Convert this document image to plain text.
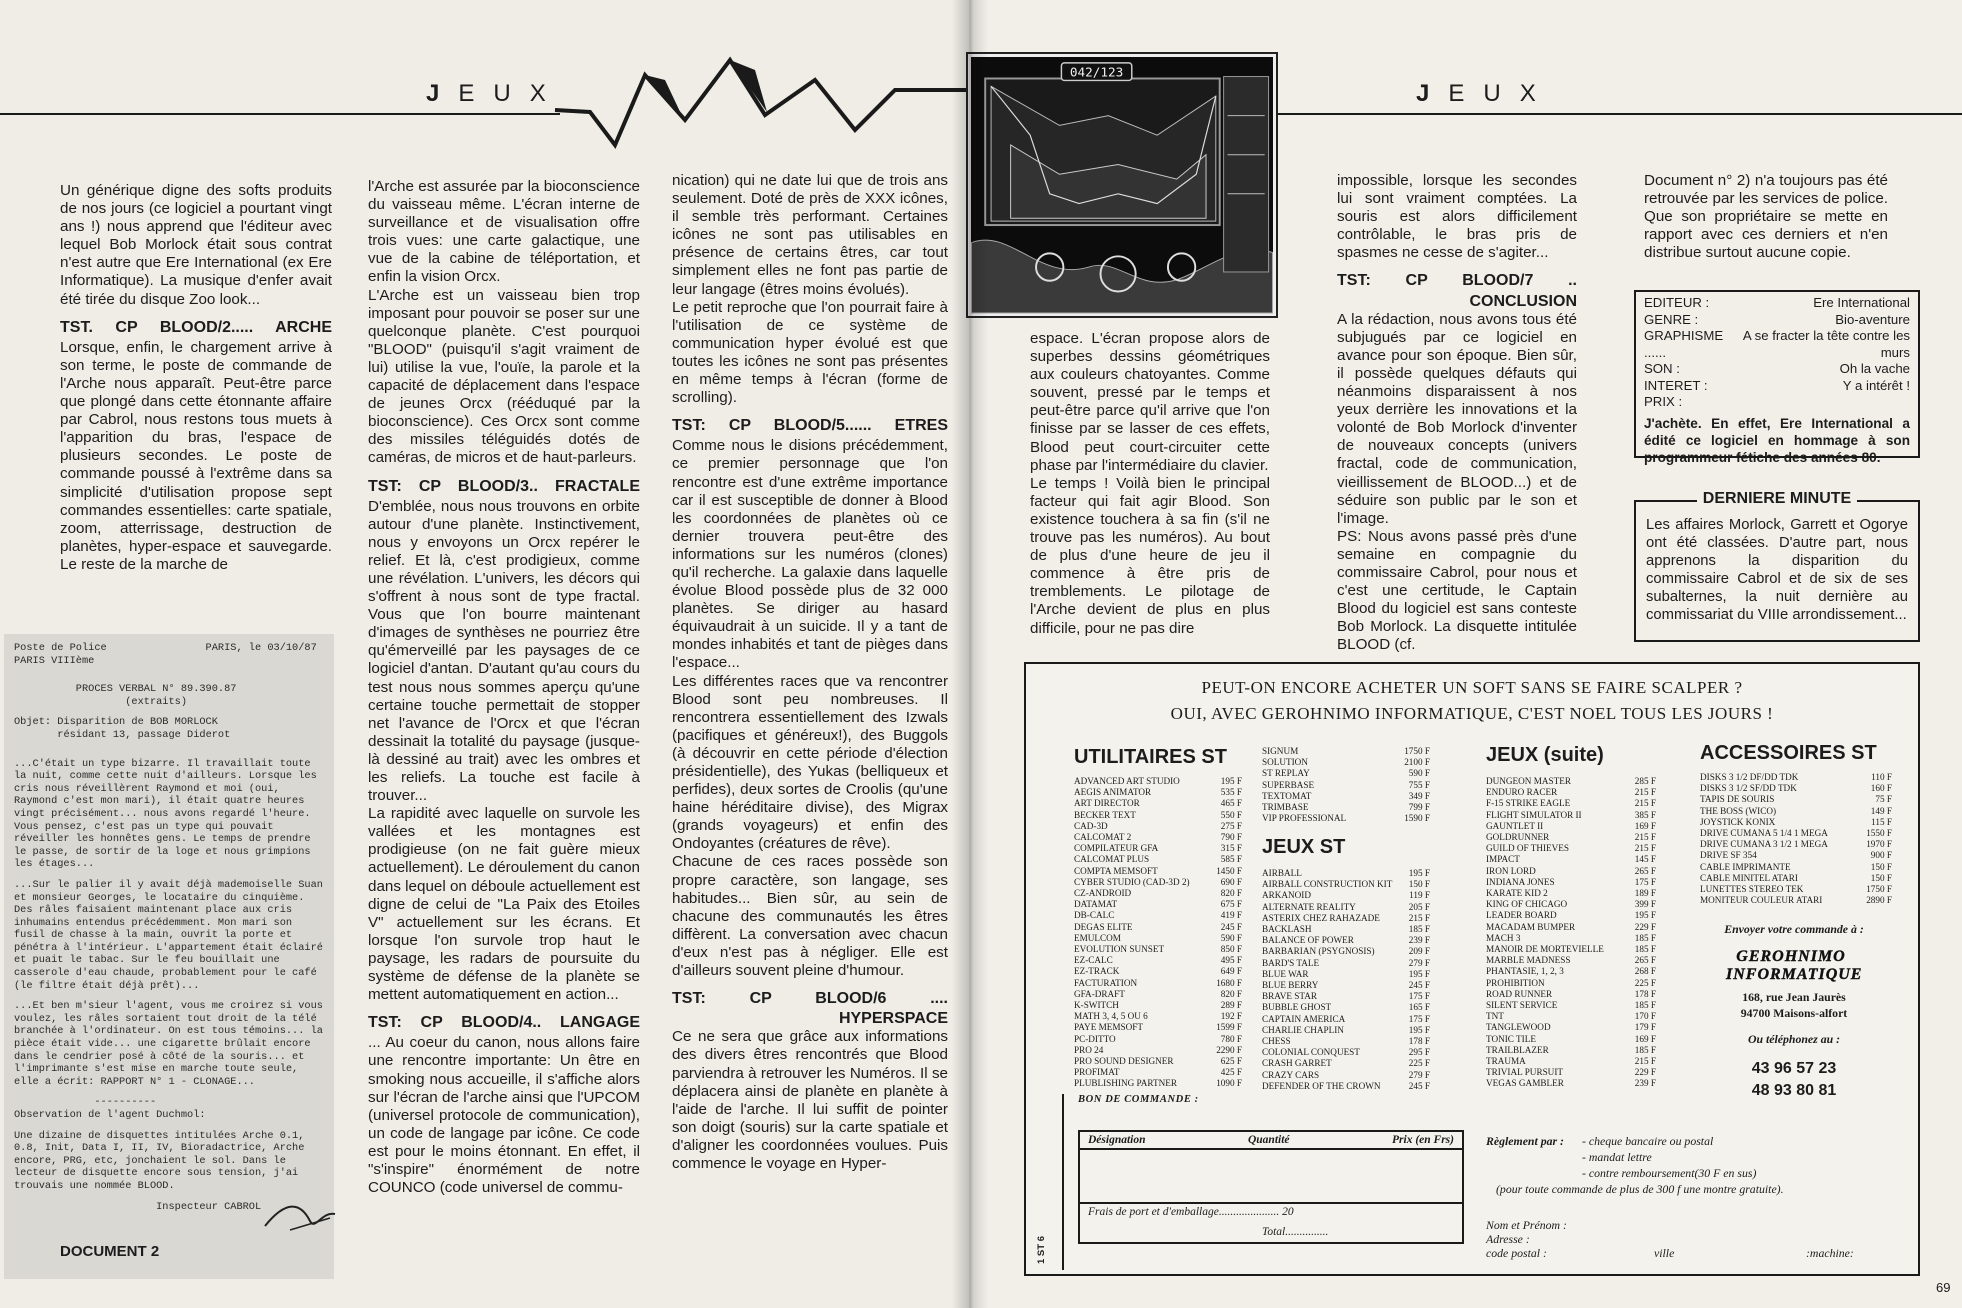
JEUX

Un générique digne des softs produits de nos jours (ce logiciel a pourtant vingt ans !) nous apprend que l'éditeur avec lequel Bob Morlock était sous contrat n'est autre que Ere International (ex Ere Informatique). La musique d'enfer avait été tirée du disque Zoo look...

TST. CP BLOOD/2..... ARCHE

Lorsque, enfin, le chargement arrive à son terme, le poste de commande de l'Arche nous apparaît. Peut-être parce que plongé dans cette étonnante affaire par Cabrol, nous restons tous muets à l'apparition du bras, l'espace de plusieurs secondes. Le poste de commande poussé à l'extrême dans sa simplicité d'utilisation propose sept commandes essentielles: carte spatiale, zoom, atterrissage, destruction de planètes, hyper-espace et sauvegarde. Le reste de la marche de

l'Arche est assurée par la bioconscience du vaisseau même. L'écran interne de surveillance et de visualisation offre trois vues: une carte galactique, une vue de la cabine de téléportation, et enfin la vision Orcx.

L'Arche est un vaisseau bien trop imposant pour pouvoir se poser sur une quelconque planète. C'est pourquoi "BLOOD" (puisqu'il s'agit vraiment de lui) utilise la vue, l'ouïe, la parole et la capacité de déplacement dans l'espace de jeunes Orcx (rééduqué par la bioconscience). Ces Orcx sont comme des missiles téléguidés dotés de caméras, de micros et de haut-parleurs.

TST: CP BLOOD/3.. FRACTALE

D'emblée, nous nous trouvons en orbite autour d'une planète. Instinctivement, nous y envoyons un Orcx repérer le relief. Et là, c'est prodigieux, comme une révélation. L'univers, les décors qui s'offrent à nous sont de type fractal. Vous que l'on bourre maintenant d'images de synthèses ne pourriez être qu'émerveillé par les paysages de ce logiciel d'antan. D'autant qu'au cours du test nous nous sommes aperçu qu'une certaine touche permettait de stopper net l'avance de l'Orcx et que l'écran dessinait la totalité du paysage (jusque-là dessiné au trait) avec les ombres et les reliefs. La touche est facile à trouver...

La rapidité avec laquelle on survole les vallées et les montagnes est prodigieuse (on ne fait guère mieux actuellement). Le déroulement du canon dans lequel on déboule actuellement est digne de celui de "La Paix des Etoiles V" actuellement sur les écrans. Et lorsque l'on survole trop haut le paysage, les radars de poursuite du système de défense de la planète se mettent automatiquement en action...

TST: CP BLOOD/4.. LANGAGE

... Au coeur du canon, nous allons faire une rencontre importante: Un être en smoking nous accueille, il s'affiche alors sur l'écran de l'arche ainsi que l'UPCOM (universel protocole de communication), un code de langage par icône. Ce code est pour le moins étonnant. En effet, il "s'inspire" énormément de notre COUNCO (code universel de commu-

nication) qui ne date lui que de trois ans seulement. Doté de près de XXX icônes, il semble très performant. Certaines icônes ne sont pas utilisables en présence de certains êtres, car tout simplement elles ne font pas partie de leur langage (êtres moins évolués).

Le petit reproche que l'on pourrait faire à l'utilisation de ce système de communication hyper évolué est que toutes les icônes ne sont pas présentes en même temps à l'écran (forme de scrolling).

TST: CP BLOOD/5...... ETRES

Comme nous le disions précédemment, ce premier personnage que l'on rencontre est d'une extrême importance car il est susceptible de donner à Blood les coordonnées de planètes où ce dernier trouvera peut-être des informations sur les numéros (clones) qu'il recherche. La galaxie dans laquelle évolue Blood possède plus de 32 000 planètes. Se diriger au hasard équivaudrait à un suicide. Il y a tant de mondes inhabités et tant de pièges dans l'espace...

Les différentes races que va rencontrer Blood sont peu nombreuses. Il rencontrera essentiellement des Izwals (pacifiques et généreux!), des Buggols (à découvrir en cette période d'élection présidentielle), des Yukas (belliqueux et perfides), deux sortes de Croolis (qu'une haine héréditaire divise), des Migrax (grands voyageurs) et enfin des Ondoyantes (créatures de rêve).

Chacune de ces races possède son propre caractère, son langage, ses habitudes... Bien sûr, au sein de chacune des communautés les êtres diffèrent. La conversation avec chacun d'eux n'est pas à négliger. Elle est d'ailleurs souvent pleine d'humour.

TST: CP BLOOD/6 ....

HYPERSPACE

Ce ne sera que grâce aux informations des divers êtres rencontrés que Blood parviendra à retrouver les Numéros. Il se déplacera ainsi de planète en planète à l'aide de l'arche. Il lui suffit de pointer son doigt (souris) sur la carte spatiale et d'aligner les coordonnées voulues. Puis commence le voyage en Hyper-

Poste de Police                PARIS, le 03/10/87
PARIS VIIIème
PROCES VERBAL N° 89.390.87
(extraits)
Objet: Disparition de BOB MORLOCK
résidant 13, passage Diderot
...C'était un type bizarre. Il travaillait toute la nuit, comme cette nuit d'ailleurs. Lorsque les cris nous réveillèrent Raymond et moi (oui, Raymond c'est mon mari), il était quatre heures vingt précisément... nous avons regardé l'heure. Vous pensez, c'est pas un type qui pouvait réveiller les honnêtes gens. Le temps de prendre le passe, de sortir de la loge et nous grimpions les étages...
...Sur le palier il y avait déjà mademoiselle Suan et monsieur Georges, le locataire du cinquième. Des râles faisaient maintenant place aux cris inhumains entendus précédemment. Mon mari son fusil de chasse à la main, ouvrit la porte et pénétra à l'intérieur. L'appartement était éclairé et puait le tabac. Sur le feu bouillait une casserole d'eau chaude, probablement pour le café (le filtre était déjà prêt)...
...Et ben m'sieur l'agent, vous me croirez si vous voulez, les râles sortaient tout droit de la télé branchée à l'ordinateur. On est tous témoins... la pièce était vide... une cigarette brûlait encore dans le cendrier posé à côté de la souris... et l'imprimante s'est mise en marche toute seule, elle a écrit: RAPPORT N° 1 - CLONAGE...
----------
Observation de l'agent Duchmol:
Une dizaine de disquettes intitulées Arche 0.1, 0.8, Init, Data I, II, IV, Bioradactrice, Arche encore, PRG, etc, jonchaient le sol. Dans le lecteur de disquette encore sous tension, j'ai trouvais une nommée BLOOD.
Inspecteur CABROL
DOCUMENT 2
JEUX

espace. L'écran propose alors de superbes dessins géométriques aux couleurs chatoyantes. Comme souvent, pressé par le temps et peut-être parce qu'il arrive que l'on finisse par se lasser de ces effets, Blood peut court-circuiter cette phase par l'intermédiaire du clavier.

Le temps ! Voilà bien le principal facteur qui fait agir Blood. Son existence touchera à sa fin (s'il ne trouve pas les numéros). Au bout de plus d'une heure de jeu il commence à être pris de tremblements. Le pilotage de l'Arche devient de plus en plus difficile, pour ne pas dire

impossible, lorsque les secondes lui sont vraiment comptées. La souris est alors difficilement contrôlable, le bras pris de spasmes ne cesse de s'agiter...

TST: CP BLOOD/7 ..

CONCLUSION

A la rédaction, nous avons tous été subjugués par ce logiciel en avance pour son époque. Bien sûr, il possède quelques défauts qui néanmoins disparaissent à nos yeux derrière les innovations et la volonté de Bob Morlock d'inventer de nouveaux concepts (univers fractal, code de communication, vieillissement de BLOOD...) et de séduire son public par le son et l'image.

PS: Nous avons passé près d'une semaine en compagnie du commissaire Cabrol, pour nous et c'est une certitude, le Captain Blood du logiciel est sans conteste Bob Morlock. La disquette intitulée BLOOD (cf.

Document n° 2) n'a toujours pas été retrouvée par les services de police. Que son propriétaire se mette en rapport avec ces derniers et n'en distribue surtout aucune copie.

EDITEUR :	Ere International
GENRE :	Bio-aventure
GRAPHISME ......
A se fracter la tête contre les murs
SON :	Oh la vache
INTERET :	Y a intérêt !
PRIX :
J'achète. En effet, Ere International a édité ce logiciel en hommage à son programmeur fétiche des années 80.
DERNIERE MINUTE
Les affaires Morlock, Garrett et Ogorye ont été classées. D'autre part, nous apprenons la disparition du commissaire Cabrol et de six de ses subalternes, la nuit dernière au commissariat du VIIIe arrondissement...
PEUT-ON ENCORE ACHETER UN SOFT SANS SE FAIRE SCALPER ?
OUI, AVEC GEROHNIMO INFORMATIQUE, C'EST NOEL TOUS LES JOURS !
UTILITAIRES ST
JEUX ST
JEUX (suite)	ACCESSOIRES ST
ADVANCED ART STUDIO	195 F
AEGIS ANIMATOR	535 F
ART DIRECTOR	465 F
BECKER TEXT	550 F
CAD-3D	275 F
CALCOMAT 2	790 F
COMPILATEUR GFA	315 F
CALCOMAT PLUS	585 F
COMPTA MEMSOFT	1450 F
CYBER STUDIO (CAD-3D 2)	690 F
CZ-ANDROID	820 F
DATAMAT	675 F
DB-CALC	419 F
DEGAS ELITE	245 F
EMULCOM	590 F
EVOLUTION SUNSET	850 F
EZ-CALC	495 F
EZ-TRACK	649 F
FACTURATION	1680 F
GFA-DRAFT	820 F
K-SWITCH	289 F
MATH 3, 4, 5 OU 6	192 F
PAYE MEMSOFT	1599 F
PC-DITTO	780 F
PRO 24	2290 F
PRO SOUND DESIGNER	625 F
PROFIMAT	425 F
PLUBLISHING PARTNER	1090 F
SIGNUM	1750 F
SOLUTION	2100 F
ST REPLAY	590 F
SUPERBASE	755 F
TEXTOMAT	349 F
TRIMBASE	799 F
VIP PROFESSIONAL	1590 F
AIRBALL	195 F
AIRBALL CONSTRUCTION KIT 150 F
ARKANOID	119 F
ALTERNATE REALITY	205 F
ASTERIX CHEZ RAHAZADE	215 F
BACKLASH	185 F
BALANCE OF POWER	239 F
BARBARIAN (PSYGNOSIS)	209 F
BARD'S TALE	279 F
BLUE WAR	195 F
BLUE BERRY	245 F
BRAVE STAR	175 F
BUBBLE GHOST	165 F
CAPTAIN AMERICA	175 F
CHARLIE CHAPLIN	195 F
CHESS	178 F
COLONIAL CONQUEST	295 F
CRASH GARRET	225 F
CRAZY CARS	279 F
DEFENDER OF THE CROWN	245 F
DUNGEON MASTER	285 F
ENDURO RACER	215 F
F-15 STRIKE EAGLE	215 F
FLIGHT SIMULATOR II	385 F
GAUNTLET II	169 F
GOLDRUNNER	215 F
GUILD OF THIEVES	215 F
IMPACT	145 F
IRON LORD	265 F
INDIANA JONES	175 F
KARATE KID 2	189 F
KING OF CHICAGO	399 F
LEADER BOARD	195 F
MACADAM BUMPER	229 F
MACH 3	185 F
MANOIR DE MORTEVIELLE	185 F
MARBLE MADNESS	265 F
PHANTASIE, 1, 2, 3	268 F
PROHIBITION	225 F
ROAD RUNNER	178 F
SILENT SERVICE	185 F
TNT	170 F
TANGLEWOOD	179 F
TONIC TILE	169 F
TRAILBLAZER	185 F
TRAUMA	215 F
TRIVIAL PURSUIT	229 F
VEGAS GAMBLER	239 F
DISKS 3 1/2 DF/DD TDK	110 F
DISKS 3 1/2 SF/DD TDK	160 F
TAPIS DE SOURIS	75 F
THE BOSS (WICO)	149 F
JOYSTICK KONIX	115 F
DRIVE CUMANA 5 1/4 1 MEGA	1550 F
DRIVE CUMANA 3 1/2 1 MEGA	1970 F
DRIVE SF 354	900 F
CABLE IMPRIMANTE	150 F
CABLE MINITEL ATARI	150 F
LUNETTES STEREO TEK	1750 F
MONITEUR COULEUR ATARI	2890 F
Envoyer votre commande à :
GEROHNIMO
INFORMATIQUE
168, rue Jean Jaurès
94700 Maisons-alfort
Ou téléphonez au :
43 96 57 23
48 93 80 81
BON DE COMMANDE :
Désignation	Quantité	Prix (en Frs)
Frais de port et d'emballage..................... 20
Total...............
Règlement par : - cheque bancaire ou postal
- mandat lettre
- contre remboursement(30 F en sus)
(pour toute commande de plus de 300 f une montre gratuite).
Nom et Prénom :
Adresse :
code postal :	ville	:machine:
1 ST 6
69
042/123
